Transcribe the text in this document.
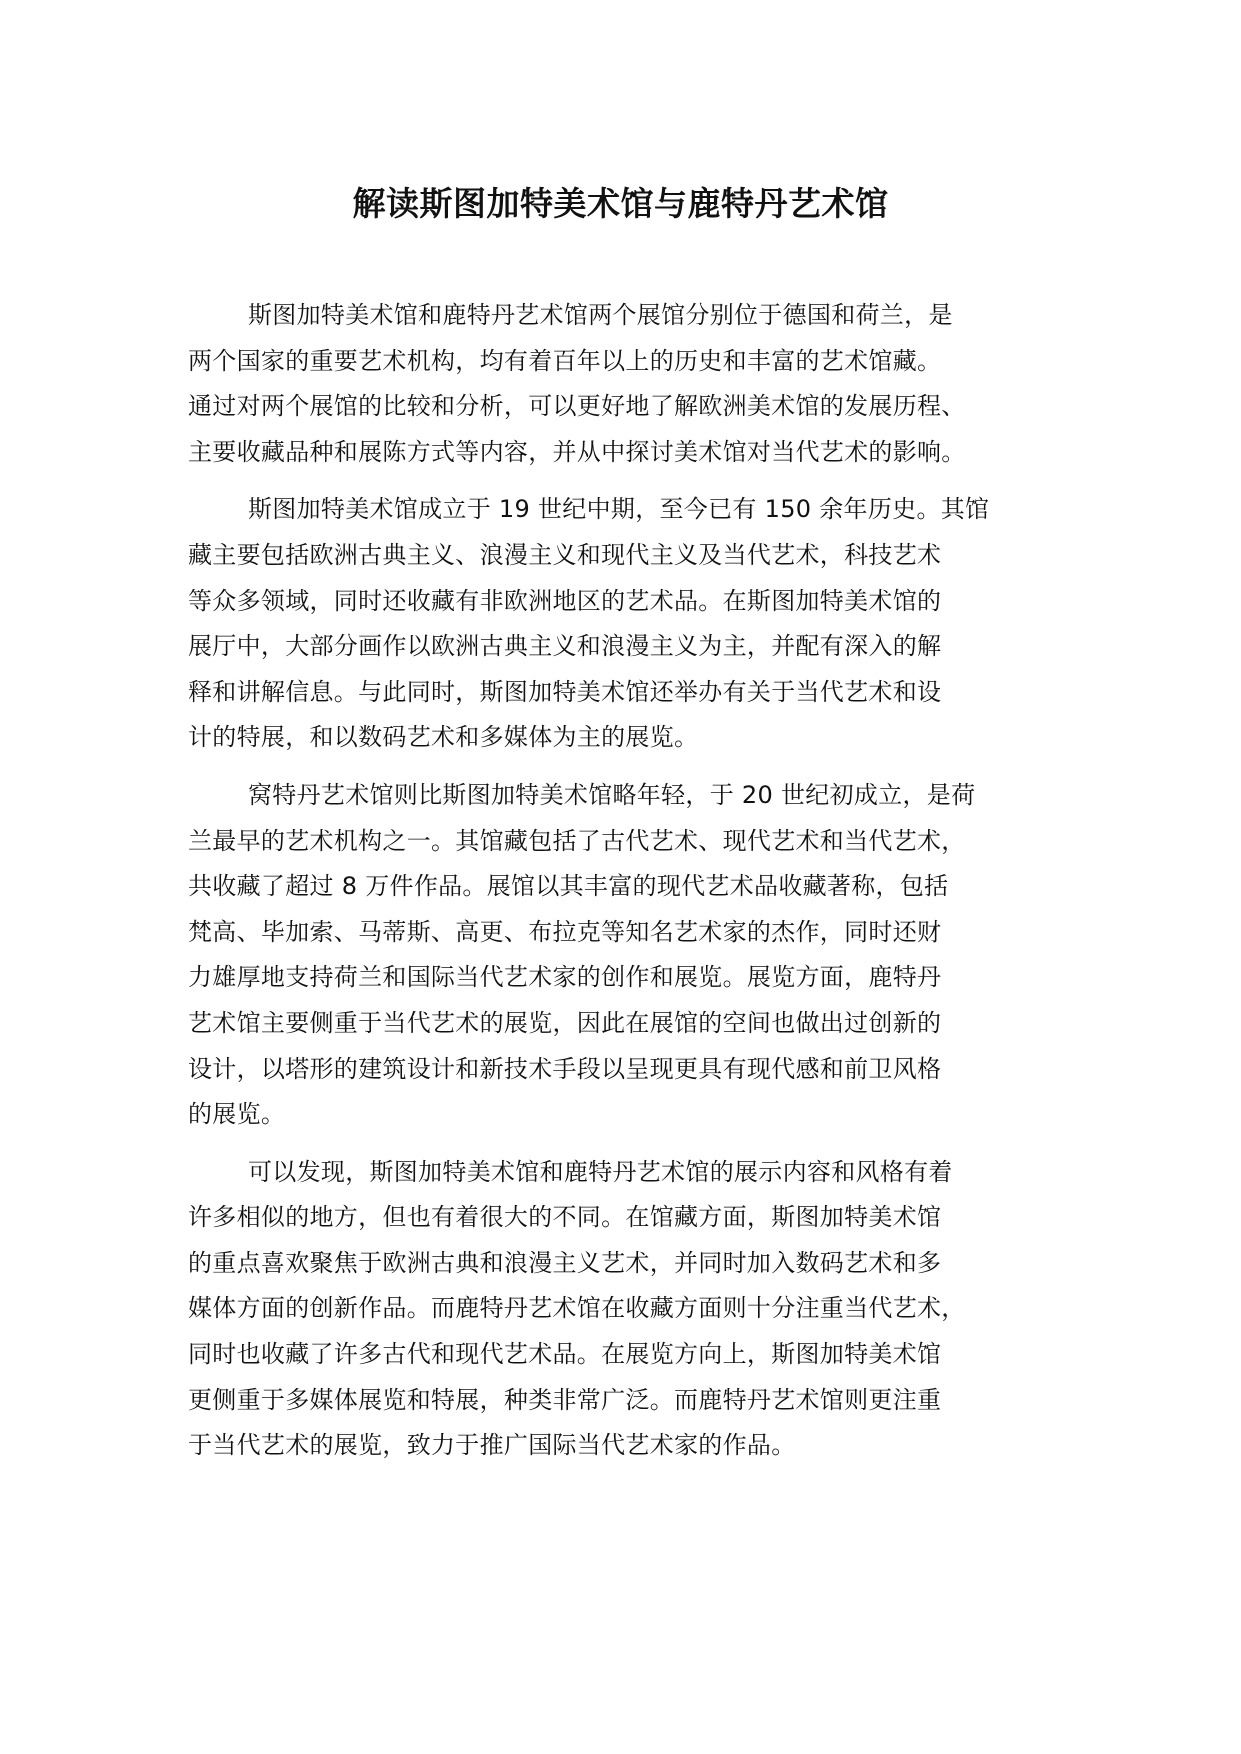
解读斯图加特美术馆与鹿特丹艺术馆
斯图加特美术馆和鹿特丹艺术馆两个展馆分别位于德国和荷兰，是
两个国家的重要艺术机构，均有着百年以上的历史和丰富的艺术馆藏。
通过对两个展馆的比较和分析，可以更好地了解欧洲美术馆的发展历程、
主要收藏品种和展陈方式等内容，并从中探讨美术馆对当代艺术的影响。
斯图加特美术馆成立于 19 世纪中期，至今已有 150 余年历史。其馆
藏主要包括欧洲古典主义、浪漫主义和现代主义及当代艺术，科技艺术
等众多领域，同时还收藏有非欧洲地区的艺术品。在斯图加特美术馆的
展厅中，大部分画作以欧洲古典主义和浪漫主义为主，并配有深入的解
释和讲解信息。与此同时，斯图加特美术馆还举办有关于当代艺术和设
计的特展，和以数码艺术和多媒体为主的展览。
窝特丹艺术馆则比斯图加特美术馆略年轻，于 20 世纪初成立，是荷
兰最早的艺术机构之一。其馆藏包括了古代艺术、现代艺术和当代艺术，
共收藏了超过 8 万件作品。展馆以其丰富的现代艺术品收藏著称，包括
梵高、毕加索、马蒂斯、高更、布拉克等知名艺术家的杰作，同时还财
力雄厚地支持荷兰和国际当代艺术家的创作和展览。展览方面，鹿特丹
艺术馆主要侧重于当代艺术的展览，因此在展馆的空间也做出过创新的
设计，以塔形的建筑设计和新技术手段以呈现更具有现代感和前卫风格
的展览。
可以发现，斯图加特美术馆和鹿特丹艺术馆的展示内容和风格有着
许多相似的地方，但也有着很大的不同。在馆藏方面，斯图加特美术馆
的重点喜欢聚焦于欧洲古典和浪漫主义艺术，并同时加入数码艺术和多
媒体方面的创新作品。而鹿特丹艺术馆在收藏方面则十分注重当代艺术，
同时也收藏了许多古代和现代艺术品。在展览方向上，斯图加特美术馆
更侧重于多媒体展览和特展，种类非常广泛。而鹿特丹艺术馆则更注重
于当代艺术的展览，致力于推广国际当代艺术家的作品。
